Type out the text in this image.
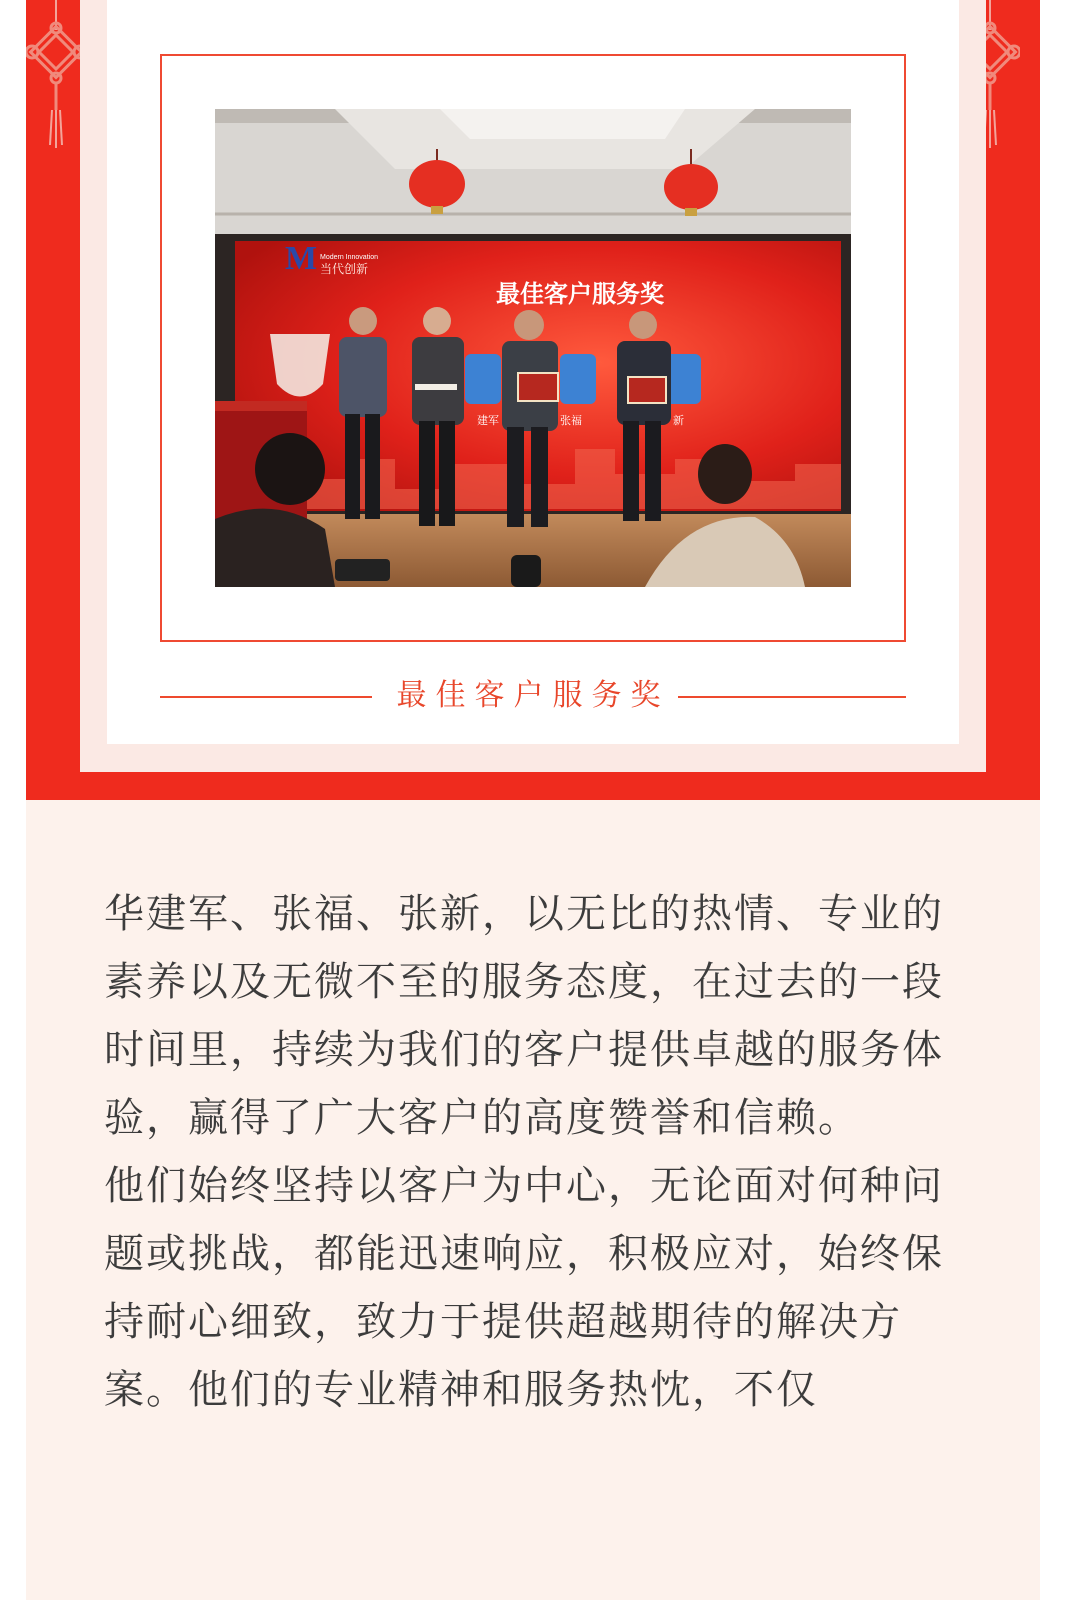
M Modern Innovation
当代创新
最佳客户服务奖
建军	张福	新
最佳客户服务奖

华建军、张福、张新，以无比的热情、专业的素养以及无微不至的服务态度，在过去的一段时间里，持续为我们的客户提供卓越的服务体验，赢得了广大客户的高度赞誉和信赖。

他们始终坚持以客户为中心，无论面对何种问题或挑战，都能迅速响应，积极应对，始终保持耐心细致，致力于提供超越期待的解决方案。他们的专业精神和服务热忱，不仅
